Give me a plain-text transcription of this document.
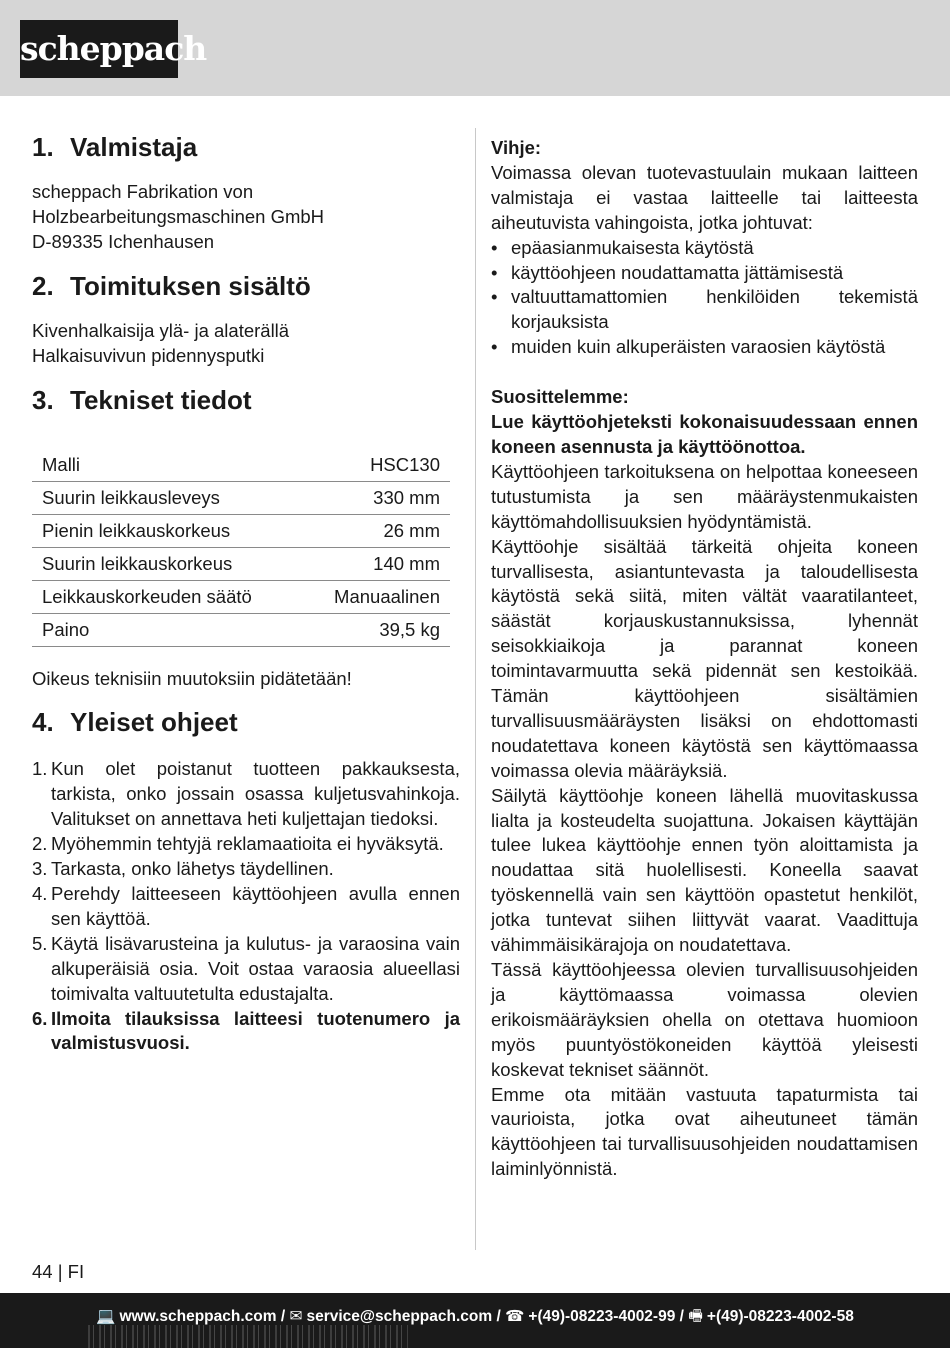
scheppach
1. Valmistaja

scheppach Fabrikation von

Holzbearbeitungsmaschinen GmbH

D-89335 Ichenhausen

2. Toimituksen sisältö

Kivenhalkaisija ylä- ja alaterällä

Halkaisuvivun pidennysputki

3. Tekniset tiedot
Malli	HSC130
Suurin leikkausleveys	330 mm
Pienin leikkauskorkeus	26 mm
Suurin leikkauskorkeus	140 mm
Leikkauskorkeuden säätö	Manuaalinen
Paino	39,5 kg

Oikeus teknisiin muutoksiin pidätetään!

4. Yleiset ohjeet
1. Kun olet poistanut tuotteen pakkauksesta, tarkista, onko jossain osassa kuljetusvahinkoja. Valitukset on annettava heti kuljettajan tiedoksi.
2. Myöhemmin tehtyjä reklamaatioita ei hyväksytä.
3. Tarkasta, onko lähetys täydellinen.
4. Perehdy laitteeseen käyttöohjeen avulla ennen sen käyttöä.
5. Käytä lisävarusteina ja kulutus- ja varaosina vain alkuperäisiä osia. Voit ostaa varaosia alueellasi toimivalta valtuutetulta edustajalta.
6. Ilmoita tilauksissa laitteesi tuotenumero ja valmistusvuosi.

Vihje:

Voimassa olevan tuotevastuulain mukaan laitteen valmistaja ei vastaa laitteelle tai laitteesta aiheutuvista vahingoista, jotka johtuvat:

• epäasianmukaisesta käytöstä
• käyttöohjeen noudattamatta jättämisestä
• valtuuttamattomien henkilöiden tekemistä korjauksista
• muiden kuin alkuperäisten varaosien käytöstä

Suosittelemme:

Lue käyttöohjeteksti kokonaisuudessaan ennen koneen asennusta ja käyttöönottoa.

Käyttöohjeen tarkoituksena on helpottaa koneeseen tutustumista ja sen määräystenmukaisten käyttömahdollisuuksien hyödyntämistä.

Käyttöohje sisältää tärkeitä ohjeita koneen turvallisesta, asiantuntevasta ja taloudellisesta käytöstä sekä siitä, miten vältät vaaratilanteet, säästät korjauskustannuksissa, lyhennät seisokkiaikoja ja parannat koneen toimintavarmuutta sekä pidennät sen kestoikää. Tämän käyttöohjeen sisältämien turvallisuusmääräysten lisäksi on ehdottomasti noudatettava koneen käytöstä sen käyttömaassa voimassa olevia määräyksiä.

Säilytä käyttöohje koneen lähellä muovitaskussa lialta ja kosteudelta suojattuna. Jokaisen käyttäjän tulee lukea käyttöohje ennen työn aloittamista ja noudattaa sitä huolellisesti. Koneella saavat työskennellä vain sen käyttöön opastetut henkilöt, jotka tuntevat siihen liittyvät vaarat. Vaadittuja vähimmäisikärajoja on noudatettava.

Tässä käyttöohjeessa olevien turvallisuusohjeiden ja käyttömaassa voimassa olevien erikoismääräyksien ohella on otettava huomioon myös puuntyöstökoneiden käyttöä yleisesti koskevat tekniset säännöt.

Emme ota mitään vastuuta tapaturmista tai vaurioista, jotka ovat aiheutuneet tämän käyttöohjeen tai turvallisuusohjeiden noudattamisen laiminlyönnistä.

44 | FI
💻 www.scheppach.com / ✉ service@scheppach.com / ☎ +(49)-08223-4002-99 / 🖷 +(49)-08223-4002-58
